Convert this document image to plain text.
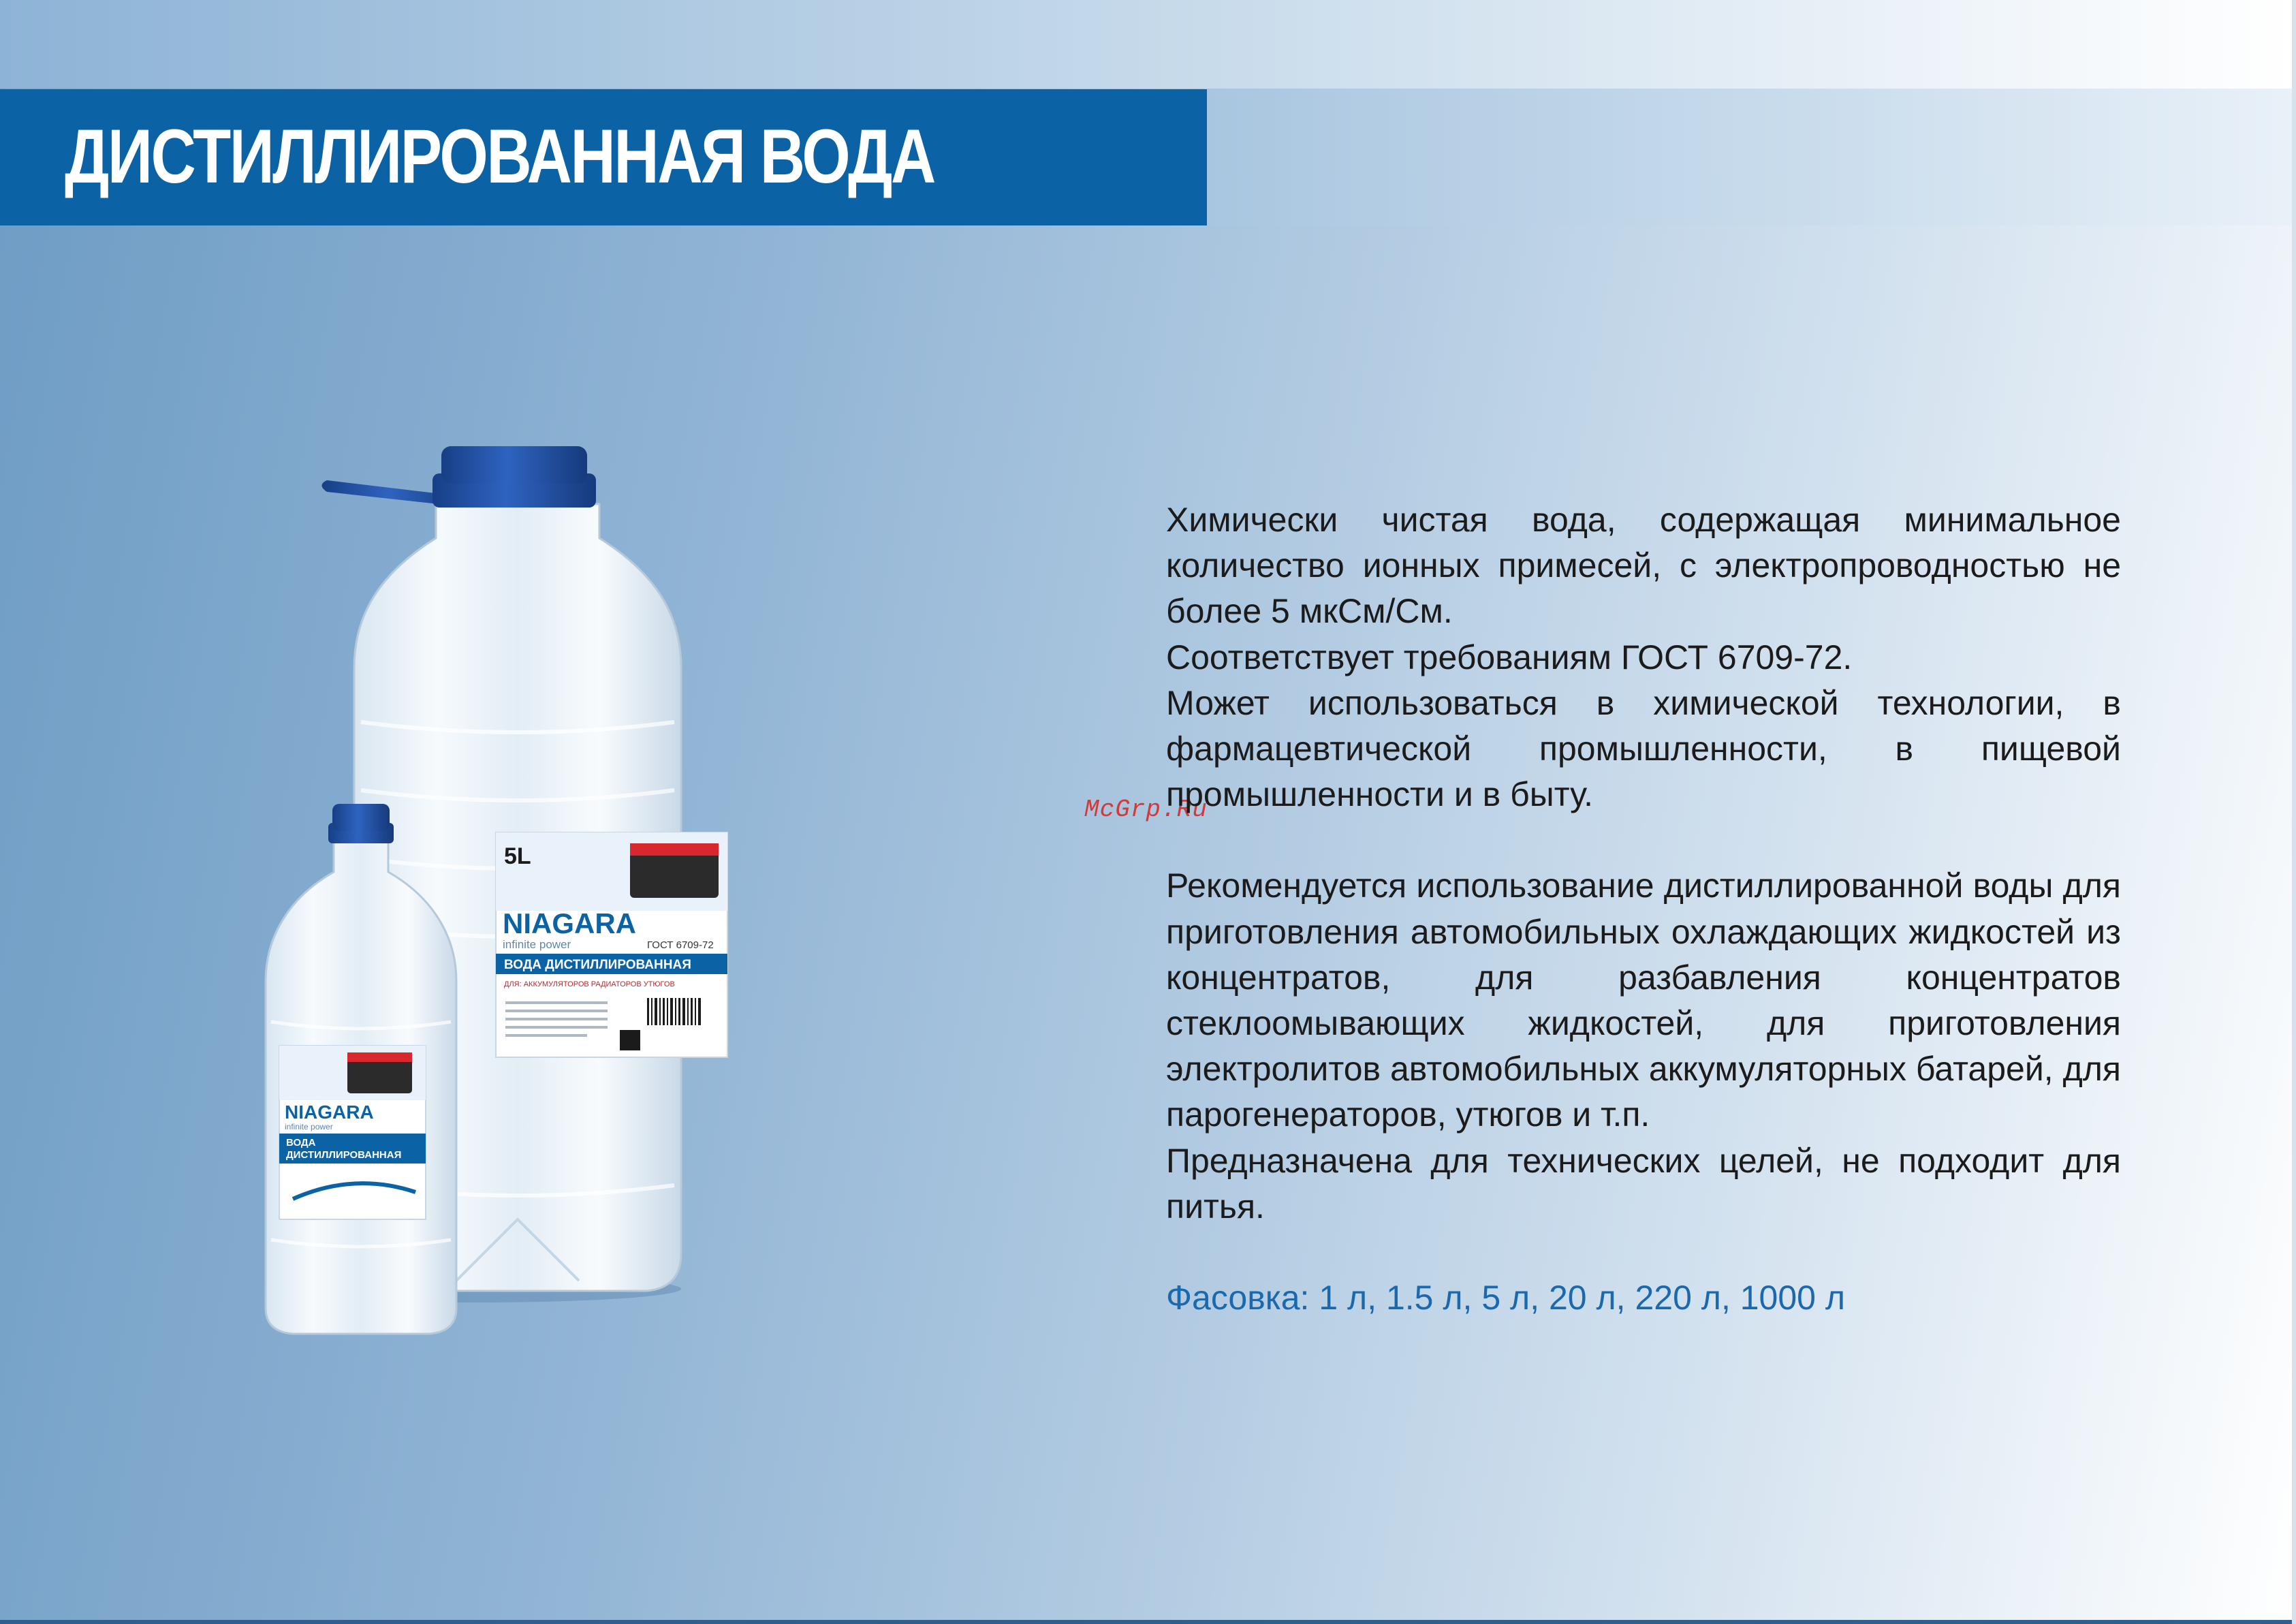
ДИСТИЛЛИРОВАННАЯ ВОДА
5L
NIAGARA
infinite power	ГОСТ 6709-72
ВОДА ДИСТИЛЛИРОВАННАЯ
ДЛЯ: АККУМУЛЯТОРОВ РАДИАТОРОВ УТЮГОВ
NIAGARA
infinite power
ВОДА
ДИСТИЛЛИРОВАННАЯ
McGrp.Ru

Химически чистая вода, содержащая минимальное количество ионных примесей, с электропроводностью не более 5 мкСм/См.

Соответствует требованиям ГОСТ 6709-72.

Может использоваться в химической технологии, в фармацевтической промышленности, в пищевой промышленности и в быту.

Рекомендуется использование дистиллированной воды для приготовления автомобильных охлаждающих жидкостей из концентратов, для разбавления концентратов стеклоомывающих жидкостей, для приготовления электролитов автомобильных аккумуляторных батарей, для парогенераторов, утюгов и т.п.

Предназначена для технических целей, не подходит для питья.

Фасовка: 1 л, 1.5 л, 5 л, 20 л, 220 л, 1000 л
